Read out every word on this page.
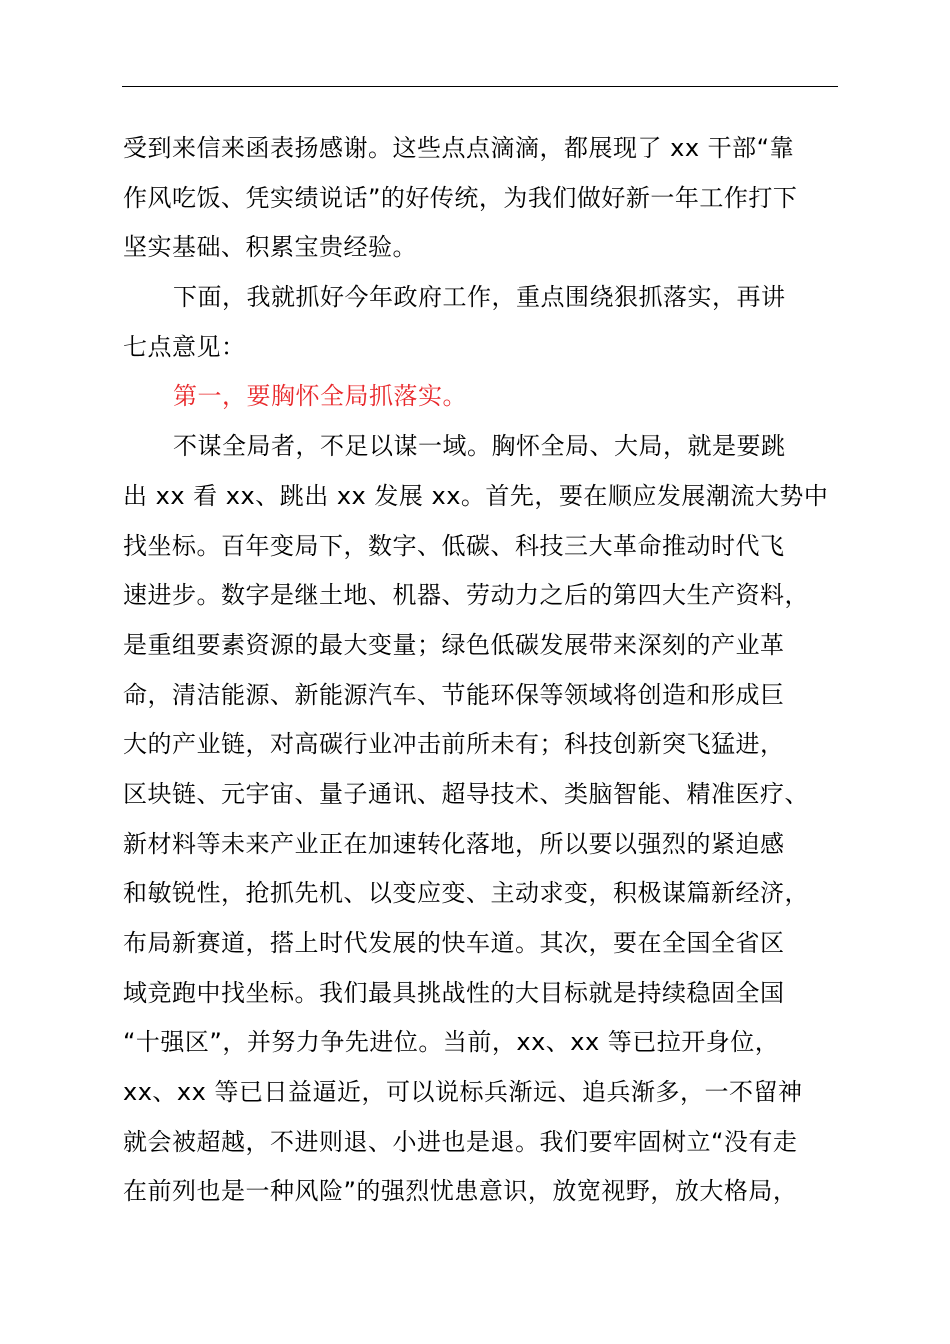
受到来信来函表扬感谢。这些点点滴滴，都展现了 xx 干部“靠
作风吃饭、凭实绩说话”的好传统，为我们做好新一年工作打下
坚实基础、积累宝贵经验。
下面，我就抓好今年政府工作，重点围绕狠抓落实，再讲
七点意见：
第一，要胸怀全局抓落实。
不谋全局者，不足以谋一域。胸怀全局、大局，就是要跳
出 xx 看 xx、跳出 xx 发展 xx。首先，要在顺应发展潮流大势中
找坐标。百年变局下，数字、低碳、科技三大革命推动时代飞
速进步。数字是继土地、机器、劳动力之后的第四大生产资料，
是重组要素资源的最大变量；绿色低碳发展带来深刻的产业革
命，清洁能源、新能源汽车、节能环保等领域将创造和形成巨
大的产业链，对高碳行业冲击前所未有；科技创新突飞猛进，
区块链、元宇宙、量子通讯、超导技术、类脑智能、精准医疗、
新材料等未来产业正在加速转化落地，所以要以强烈的紧迫感
和敏锐性，抢抓先机、以变应变、主动求变，积极谋篇新经济，
布局新赛道，搭上时代发展的快车道。其次，要在全国全省区
域竞跑中找坐标。我们最具挑战性的大目标就是持续稳固全国
“十强区”，并努力争先进位。当前，xx、xx 等已拉开身位，
xx、xx 等已日益逼近，可以说标兵渐远、追兵渐多，一不留神
就会被超越，不进则退、小进也是退。我们要牢固树立“没有走
在前列也是一种风险”的强烈忧患意识，放宽视野，放大格局，
